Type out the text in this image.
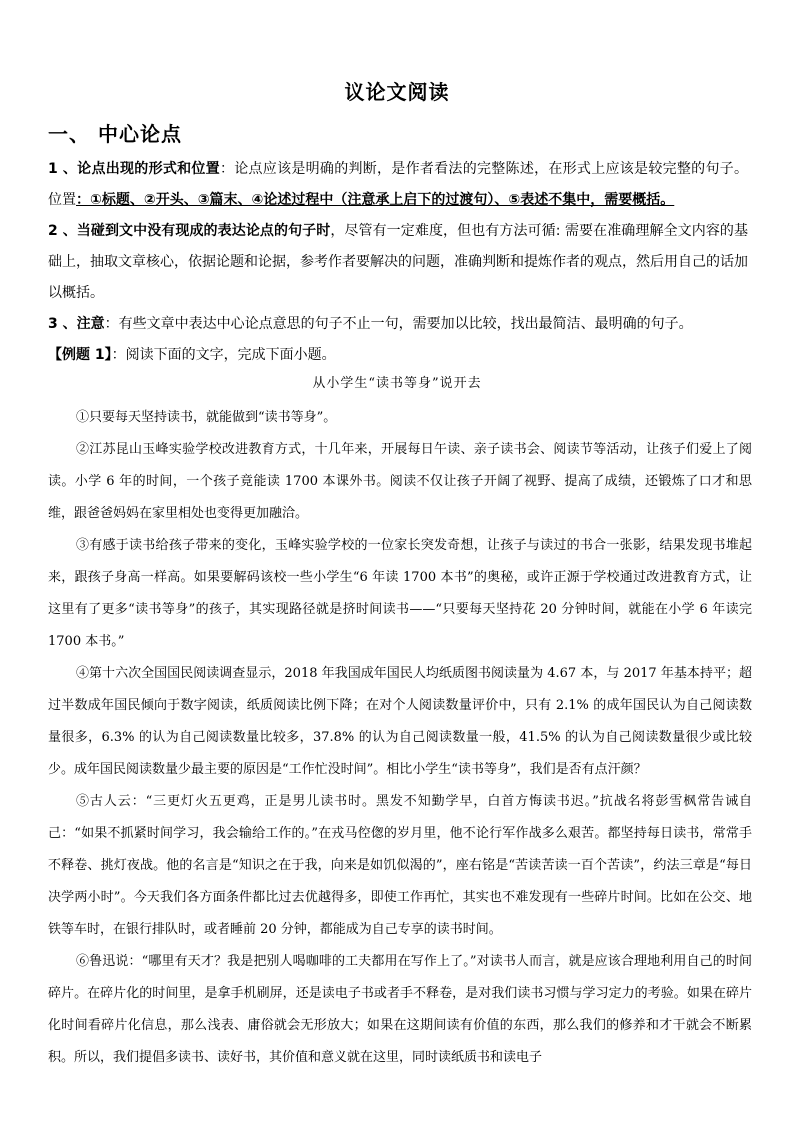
议论文阅读
一、 中心论点
1 、论点出现的形式和位置：论点应该是明确的判断，是作者看法的完整陈述，在形式上应该是较完整的句子。位置：①标题、②开头、③篇末、④论述过程中（注意承上启下的过渡句）、⑤表述不集中，需要概括。
2 、当碰到文中没有现成的表达论点的句子时，尽管有一定难度，但也有方法可循: 需要在准确理解全文内容的基础上，抽取文章核心，依据论题和论据，参考作者要解决的问题，准确判断和提炼作者的观点，然后用自己的话加以概括。
3 、注意：有些文章中表达中心论点意思的句子不止一句，需要加以比较，找出最简洁、最明确的句子。
【例题 1】：阅读下面的文字，完成下面小题。
从小学生“读书等身”说开去

①只要每天坚持读书，就能做到“读书等身”。

②江苏昆山玉峰实验学校改进教育方式，十几年来，开展每日午读、亲子读书会、阅读节等活动，让孩子们爱上了阅读。小学 6 年的时间，一个孩子竟能读 1700 本课外书。阅读不仅让孩子开阔了视野、提高了成绩，还锻炼了口才和思维，跟爸爸妈妈在家里相处也变得更加融洽。

③有感于读书给孩子带来的变化，玉峰实验学校的一位家长突发奇想，让孩子与读过的书合一张影，结果发现书堆起来，跟孩子身高一样高。如果要解码该校一些小学生“6 年读 1700 本书”的奥秘，或许正源于学校通过改进教育方式，让这里有了更多“读书等身”的孩子，其实现路径就是挤时间读书——“只要每天坚持花 20 分钟时间，就能在小学 6 年读完 1700 本书。”

④第十六次全国国民阅读调查显示，2018 年我国成年国民人均纸质图书阅读量为 4.67 本，与 2017 年基本持平；超过半数成年国民倾向于数字阅读，纸质阅读比例下降；在对个人阅读数量评价中，只有 2.1% 的成年国民认为自己阅读数量很多，6.3% 的认为自己阅读数量比较多，37.8% 的认为自己阅读数量一般，41.5% 的认为自己阅读数量很少或比较少。成年国民阅读数量少最主要的原因是“工作忙没时间”。相比小学生“读书等身”，我们是否有点汗颜？

⑤古人云：“三更灯火五更鸡，正是男儿读书时。黑发不知勤学早，白首方悔读书迟。”抗战名将彭雪枫常告诫自己：“如果不抓紧时间学习，我会输给工作的。”在戎马倥偬的岁月里，他不论行军作战多么艰苦。都坚持每日读书，常常手不释卷、挑灯夜战。他的名言是“知识之在于我，向来是如饥似渴的”，座右铭是“苦读苦读一百个苦读”，约法三章是“每日决学两小时”。今天我们各方面条件都比过去优越得多，即使工作再忙，其实也不难发现有一些碎片时间。比如在公交、地铁等车时，在银行排队时，或者睡前 20 分钟，都能成为自己专享的读书时间。

⑥鲁迅说：“哪里有天才？我是把别人喝咖啡的工夫都用在写作上了。”对读书人而言，就是应该合理地利用自己的时间碎片。在碎片化的时间里，是拿手机刷屏，还是读电子书或者手不释卷，是对我们读书习惯与学习定力的考验。如果在碎片化时间看碎片化信息，那么浅表、庸俗就会无形放大；如果在这期间读有价值的东西，那么我们的修养和才干就会不断累积。所以，我们提倡多读书、读好书，其价值和意义就在这里，同时读纸质书和读电子
